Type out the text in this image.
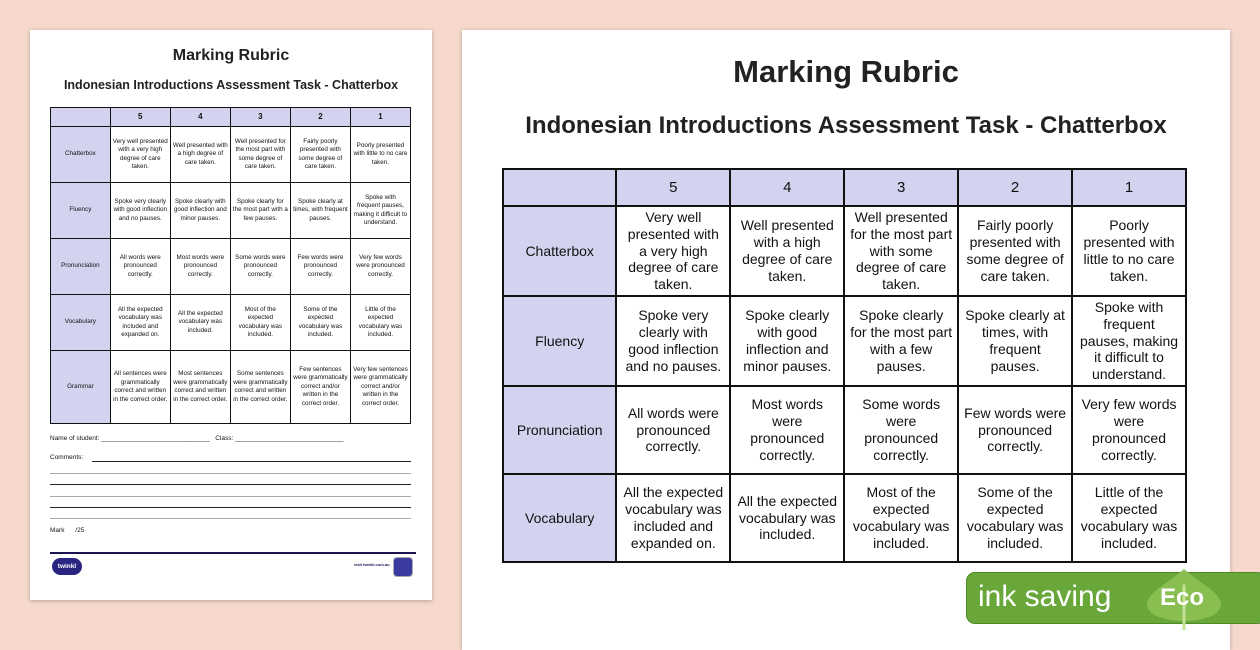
Marking Rubric
Indonesian Introductions Assessment Task - Chatterbox
	5	4	3	2	1
Chatterbox	Very well presented with a very high degree of care taken.	Well presented with a high degree of care taken.	Well presented for the most part with some degree of care taken.	Fairly poorly presented with some degree of care taken.	Poorly presented with little to no care taken.
Fluency	Spoke very clearly with good inflection and no pauses.	Spoke clearly with good inflection and minor pauses.	Spoke clearly for the most part with a few pauses.	Spoke clearly at times, with frequent pauses.	Spoke with frequent pauses, making it difficult to understand.
Pronunciation	All words were pronounced correctly.	Most words were pronounced correctly.	Some words were pronounced correctly.	Few words were pronounced correctly.	Very few words were pronounced correctly.
Vocabulary	All the expected vocabulary was included and expanded on.	All the expected vocabulary was included.	Most of the expected vocabulary was included.	Some of the expected vocabulary was included.	Little of the expected vocabulary was included.
Grammar	All sentences were grammatically correct and written in the correct order.	Most sentences were grammatically correct and written in the correct order.	Some sentences were grammatically correct and written in the correct order.	Few sentences were grammatically correct and/or written in the correct order.	Very few sentences were grammatically correct and/or written in the correct order.
Name of student: ______________________________   Class: ______________________________
Comments:
Mark /25
twinkl	visit twinkl.com.au
Marking Rubric
Indonesian Introductions Assessment Task - Chatterbox
	5	4	3	2	1
Chatterbox	Very well presented with a very high degree of care taken.	Well presented with a high degree of care taken.	Well presented for the most part with some degree of care taken.	Fairly poorly presented with some degree of care taken.	Poorly presented with little to no care taken.
Fluency	Spoke very clearly with good inflection and no pauses.	Spoke clearly with good inflection and minor pauses.	Spoke clearly for the most part with a few pauses.	Spoke clearly at times, with frequent pauses.	Spoke with frequent pauses, making it difficult to understand.
Pronunciation	All words were pronounced correctly.	Most words were pronounced correctly.	Some words were pronounced correctly.	Few words were pronounced correctly.	Very few words were pronounced correctly.
Vocabulary	All the expected vocabulary was included and expanded on.	All the expected vocabulary was included.	Most of the expected vocabulary was included.	Some of the expected vocabulary was included.	Little of the expected vocabulary was included.
ink saving Eco
